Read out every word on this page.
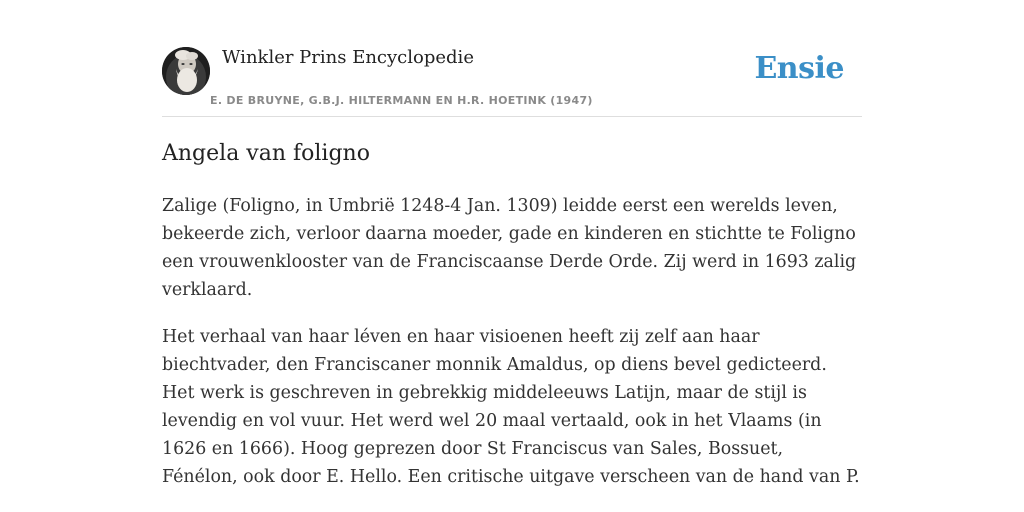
Winkler Prins Encyclopedie
E. DE BRUYNE, G.B.J. HILTERMANN EN H.R. HOETINK (1947)
Ensie
Angela van foligno

Zalige (Foligno, in Umbrië 1248-4 Jan. 1309) leidde eerst een werelds leven, bekeerde zich, verloor daarna moeder, gade en kinderen en stichtte te Foligno een vrouwenklooster van de Franciscaanse Derde Orde. Zij werd in 1693 zalig verklaard.

Het verhaal van haar léven en haar visioenen heeft zij zelf aan haar biechtvader, den Franciscaner monnik Amaldus, op diens bevel gedicteerd. Het werk is geschreven in gebrekkig middeleeuws Latijn, maar de stijl is levendig en vol vuur. Het werd wel 20 maal vertaald, ook in het Vlaams (in 1626 en 1666). Hoog geprezen door St Franciscus van Sales, Bossuet, Fénélon, ook door E. Hello. Een critische uitgave verscheen van de hand van P.
